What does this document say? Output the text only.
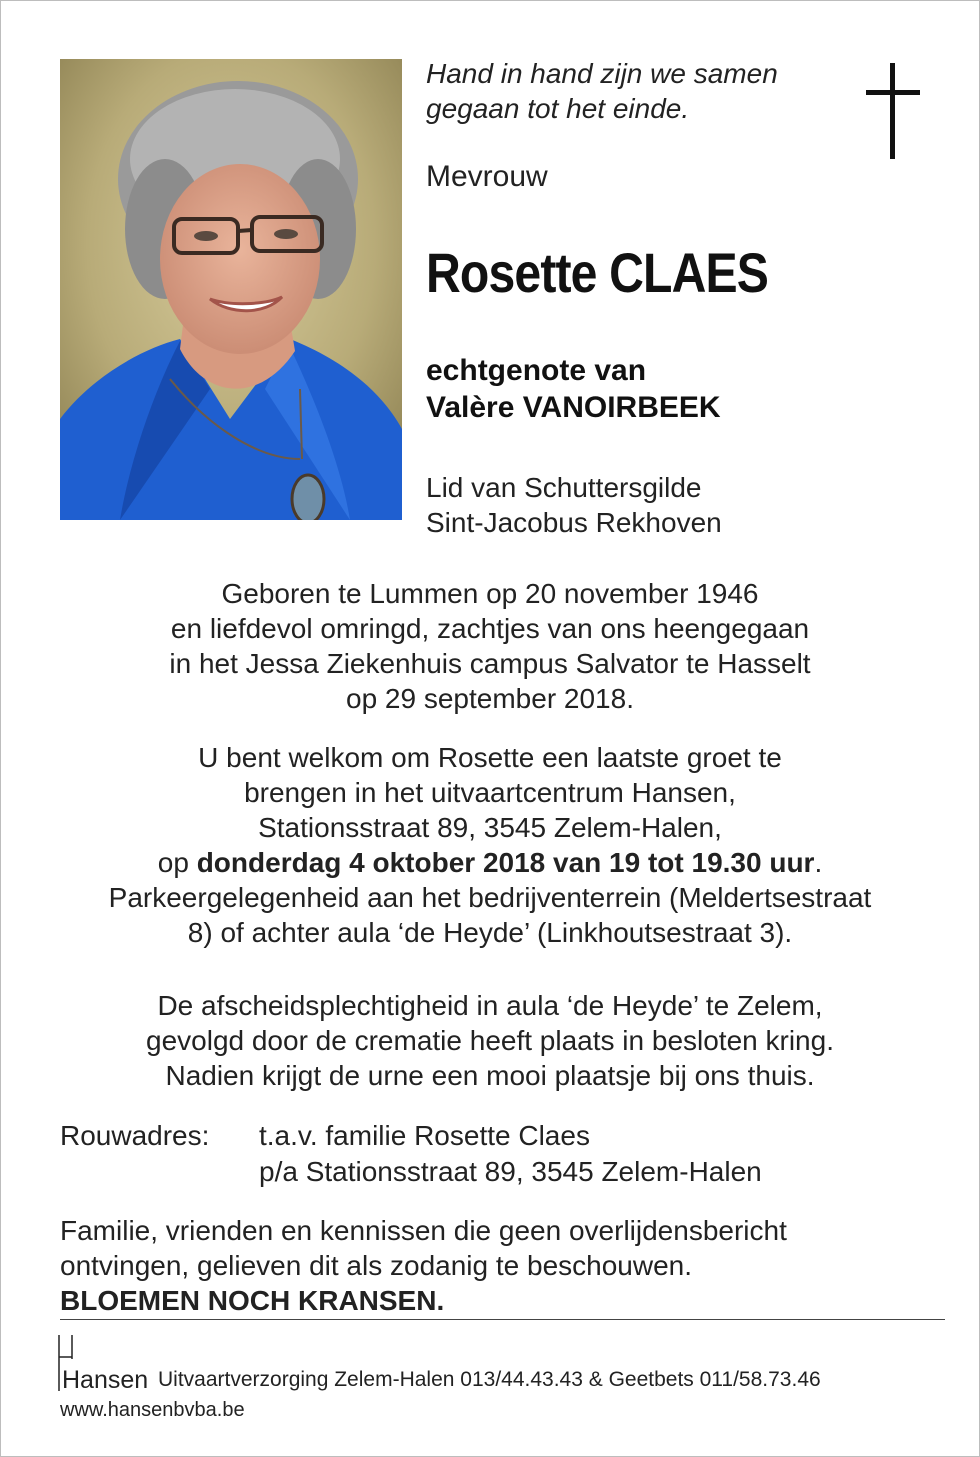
Hand in hand zijn we samen
gegaan tot het einde.
Mevrouw
Rosette CLAES
echtgenote van
Valère VANOIRBEEK
Lid van Schuttersgilde
Sint-Jacobus Rekhoven
Geboren te Lummen op 20 november 1946
en liefdevol omringd, zachtjes van ons heengegaan
in het Jessa Ziekenhuis campus Salvator te Hasselt
op 29 september 2018.
U bent welkom om Rosette een laatste groet te
brengen in het uitvaartcentrum Hansen,
Stationsstraat 89, 3545 Zelem-Halen,
op donderdag 4 oktober 2018 van 19 tot 19.30 uur.
Parkeergelegenheid aan het bedrijventerrein (Meldertsestraat
8) of achter aula ‘de Heyde’ (Linkhoutsestraat 3).
De afscheidsplechtigheid in aula ‘de Heyde’ te Zelem,
gevolgd door de crematie heeft plaats in besloten kring.
Nadien krijgt de urne een mooi plaatsje bij ons thuis.
Rouwadres: t.a.v. familie Rosette Claes
p/a Stationsstraat 89, 3545 Zelem-Halen
Familie, vrienden en kennissen die geen overlijdensbericht
ontvingen, gelieven dit als zodanig te beschouwen.
BLOEMEN NOCH KRANSEN.
Hansen Uitvaartverzorging Zelem-Halen 013/44.43.43 & Geetbets 011/58.73.46
www.hansenbvba.be
